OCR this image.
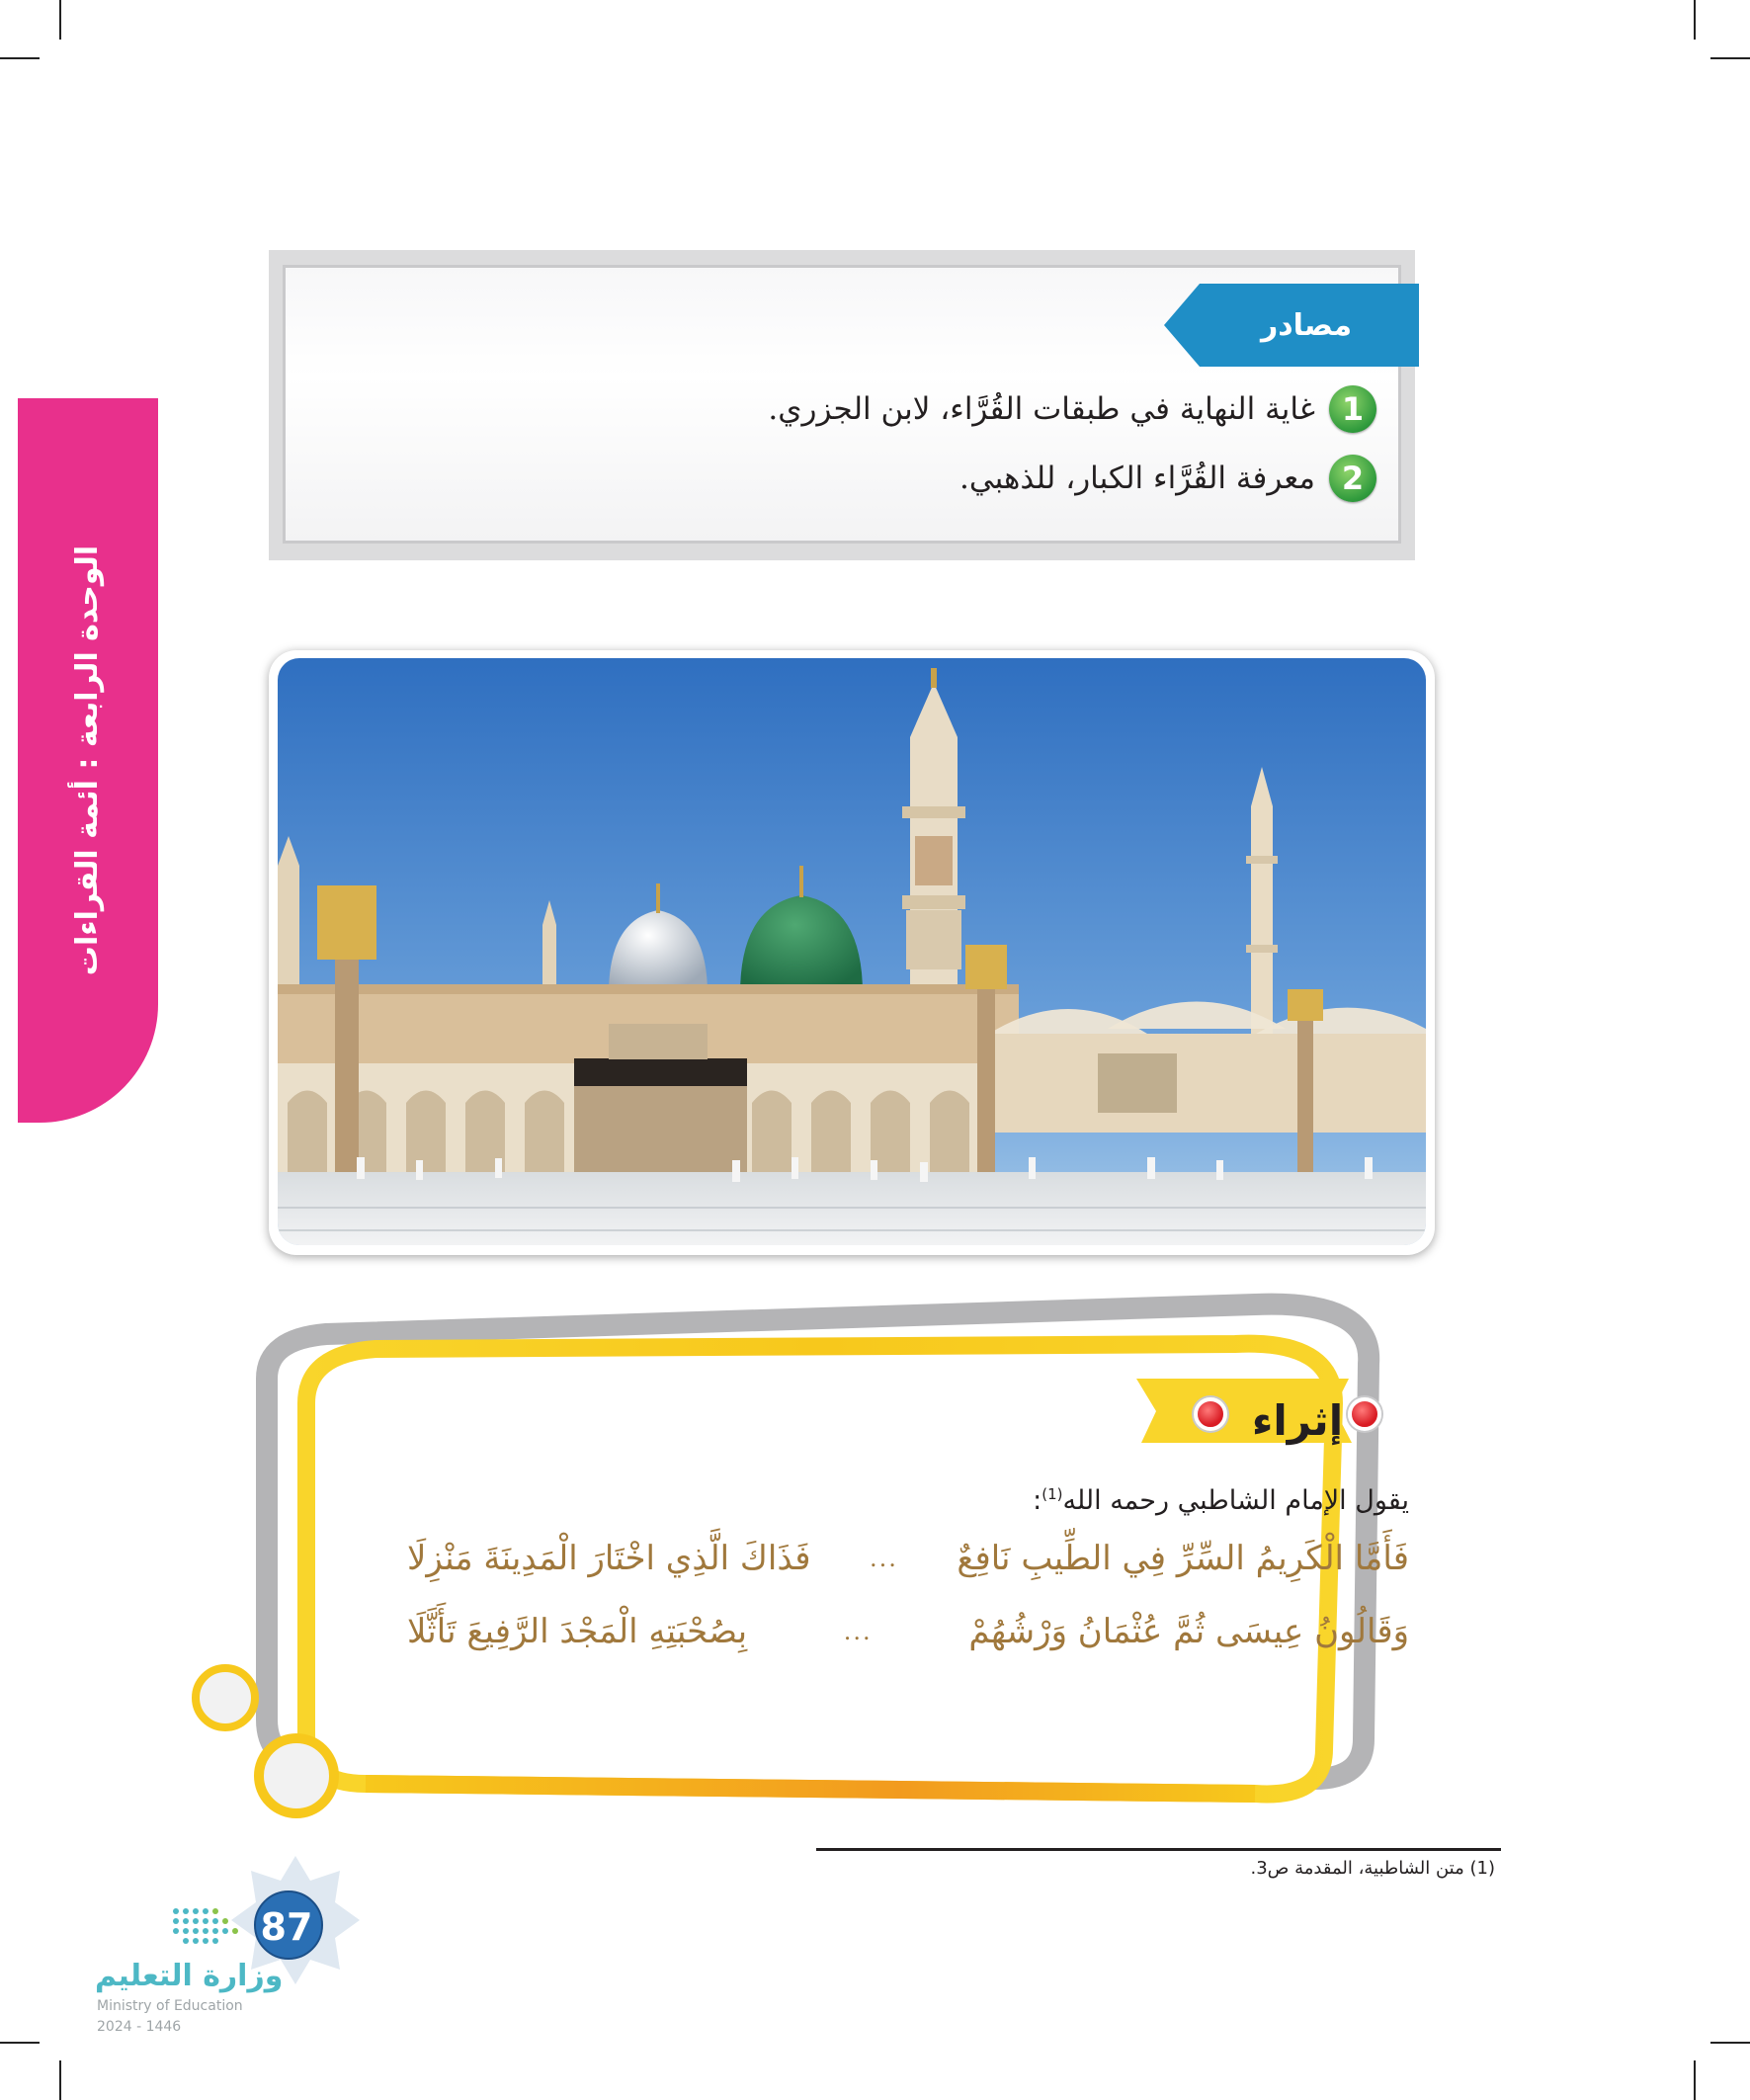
الوحدة الرابعة : أئمة القراءات
مصادر
1
غاية النهاية في طبقات القُرَّاء، لابن الجزري.
2
معرفة القُرَّاء الكبار، للذهبي.
إثراء
يقول الإمام الشاطبي رحمه الله$^{(1)}$:
فَأَمَّا الْكَرِيمُ السِّرِّ فِي الطِّيبِ نَافِعٌ
...
فَذَاكَ الَّذِي اخْتَارَ الْمَدِينَةَ مَنْزِلَا
وَقَالُونُ عِيسَى ثُمَّ عُثْمَانُ وَرْشُهُمْ
...
بِصُحْبَتِهِ الْمَجْدَ الرَّفِيعَ تَأَثَّلَا
(1) متن الشاطبية، المقدمة ص3.
87
وزارة التعليم
Ministry of Education
2024 - 1446
